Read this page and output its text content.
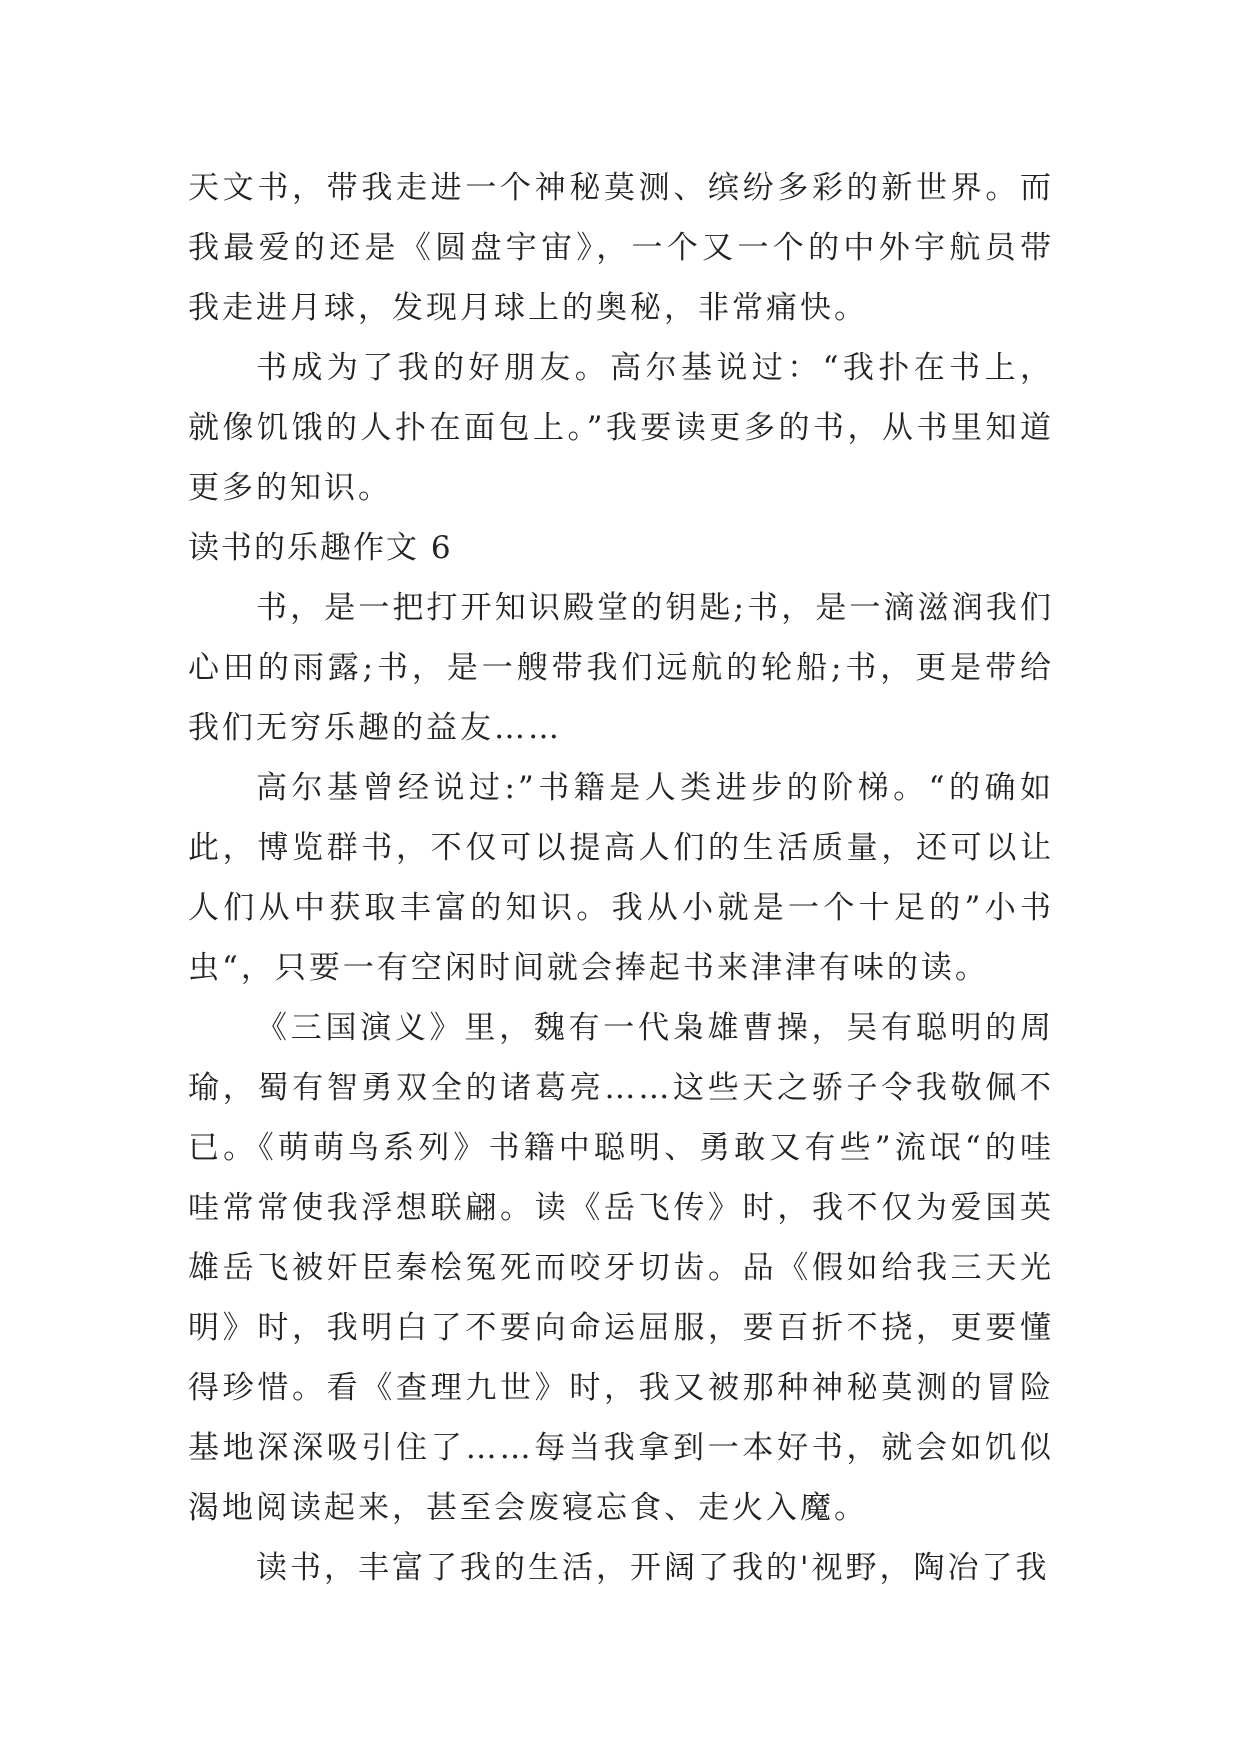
天文书，带我走进一个神秘莫测、缤纷多彩的新世界。而我最爱的还是《圆盘宇宙》，一个又一个的中外宇航员带我走进月球，发现月球上的奥秘，非常痛快。

书成为了我的好朋友。高尔基说过：“我扑在书上，就像饥饿的人扑在面包上。”我要读更多的书，从书里知道更多的知识。

读书的乐趣作文 6

书，是一把打开知识殿堂的钥匙;书，是一滴滋润我们心田的雨露;书，是一艘带我们远航的轮船;书，更是带给我们无穷乐趣的益友……

高尔基曾经说过:”书籍是人类进步的阶梯。“的确如此，博览群书，不仅可以提高人们的生活质量，还可以让人们从中获取丰富的知识。我从小就是一个十足的”小书虫“，只要一有空闲时间就会捧起书来津津有味的读。

《三国演义》里，魏有一代枭雄曹操，吴有聪明的周瑜，蜀有智勇双全的诸葛亮……这些天之骄子令我敬佩不已。《萌萌鸟系列》书籍中聪明、勇敢又有些”流氓“的哇哇常常使我浮想联翩。读《岳飞传》时，我不仅为爱国英雄岳飞被奸臣秦桧冤死而咬牙切齿。品《假如给我三天光明》时，我明白了不要向命运屈服，要百折不挠，更要懂得珍惜。看《查理九世》时，我又被那种神秘莫测的冒险基地深深吸引住了……每当我拿到一本好书，就会如饥似渴地阅读起来，甚至会废寝忘食、走火入魔。

读书，丰富了我的生活，开阔了我的'视野，陶冶了我
